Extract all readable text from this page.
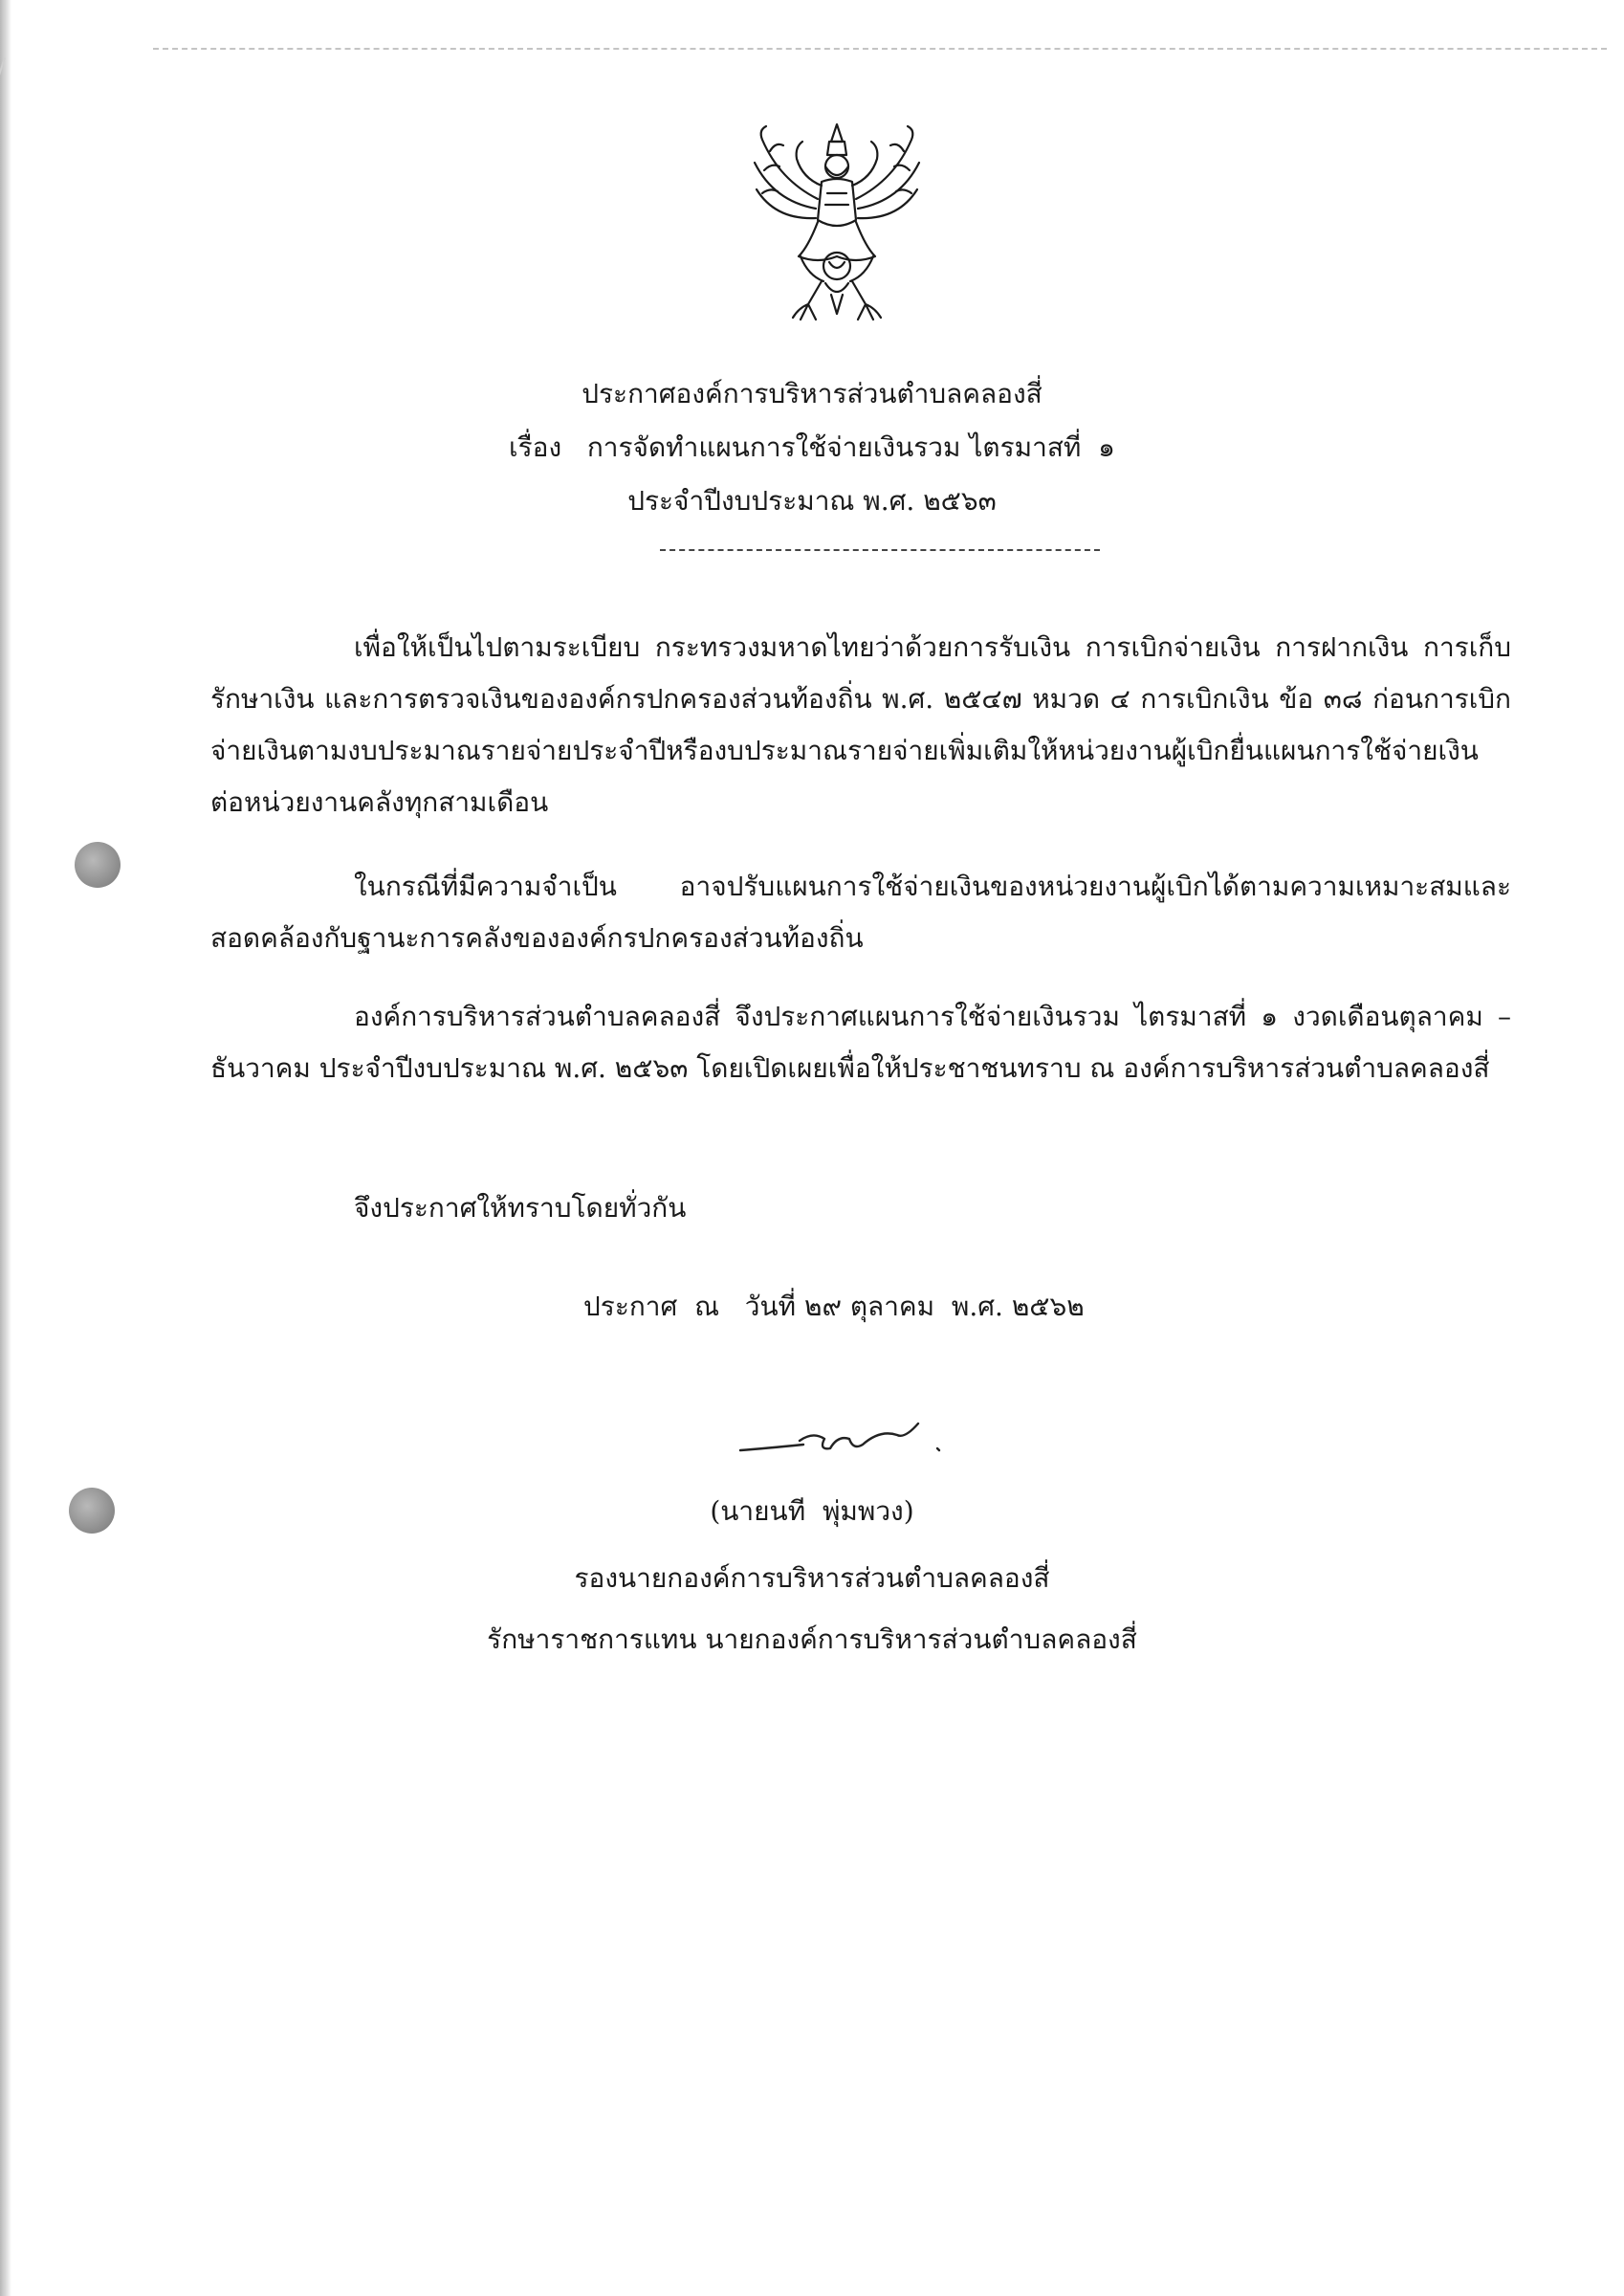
ประกาศองค์การบริหารส่วนตำบลคลองสี่
เรื่อง   การจัดทำแผนการใช้จ่ายเงินรวม ไตรมาสที่  ๑
ประจำปีงบประมาณ พ.ศ. ๒๕๖๓

เพื่อให้เป็นไปตามระเบียบ กระทรวงมหาดไทยว่าด้วยการรับเงิน การเบิกจ่ายเงิน การฝากเงิน การเก็บรักษาเงิน และการตรวจเงินขององค์กรปกครองส่วนท้องถิ่น พ.ศ. ๒๕๔๗ หมวด ๔ การเบิกเงิน ข้อ ๓๘ ก่อนการเบิกจ่ายเงินตามงบประมาณรายจ่ายประจำปีหรืองบประมาณรายจ่ายเพิ่มเติมให้หน่วยงานผู้เบิกยื่นแผนการใช้จ่ายเงินต่อหน่วยงานคลังทุกสามเดือน

ในกรณีที่มีความจำเป็น อาจปรับแผนการใช้จ่ายเงินของหน่วยงานผู้เบิกได้ตามความเหมาะสมและสอดคล้องกับฐานะการคลังขององค์กรปกครองส่วนท้องถิ่น

องค์การบริหารส่วนตำบลคลองสี่ จึงประกาศแผนการใช้จ่ายเงินรวม ไตรมาสที่ ๑ งวดเดือนตุลาคม – ธันวาคม ประจำปีงบประมาณ พ.ศ. ๒๕๖๓ โดยเปิดเผยเพื่อให้ประชาชนทราบ ณ องค์การบริหารส่วนตำบลคลองสี่

จึงประกาศให้ทราบโดยทั่วกัน

ประกาศ  ณ   วันที่ ๒๙ ตุลาคม  พ.ศ. ๒๕๖๒
(นายนที  พุ่มพวง)
รองนายกองค์การบริหารส่วนตำบลคลองสี่
รักษาราชการแทน นายกองค์การบริหารส่วนตำบลคลองสี่
